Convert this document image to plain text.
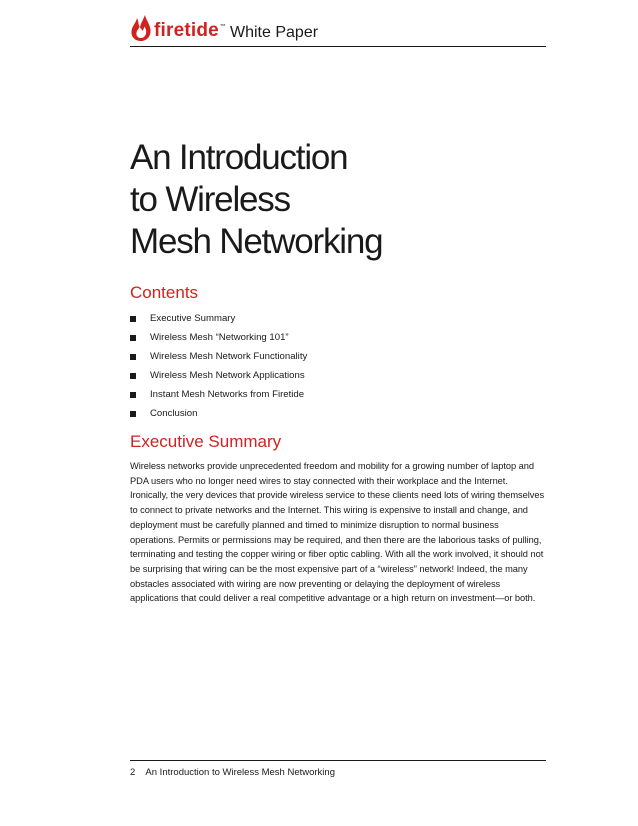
firetide™ White Paper
An Introduction
to Wireless
Mesh Networking
Contents
Executive Summary
Wireless Mesh “Networking 101”
Wireless Mesh Network Functionality
Wireless Mesh Network Applications
Instant Mesh Networks from Firetide
Conclusion
Executive Summary

Wireless networks provide unprecedented freedom and mobility for a growing number of laptop and PDA users who no longer need wires to stay connected with their workplace and the Internet. Ironically, the very devices that provide wireless service to these clients need lots of wiring themselves to connect to private networks and the Internet. This wiring is expensive to install and change, and deployment must be carefully planned and timed to minimize disruption to normal business operations. Permits or permissions may be required, and then there are the laborious tasks of pulling, terminating and testing the copper wiring or fiber optic cabling. With all the work involved, it should not be surprising that wiring can be the most expensive part of a “wireless” network! Indeed, the many obstacles associated with wiring are now preventing or delaying the deployment of wireless applications that could deliver a real competitive advantage or a high return on investment—or both.

2 An Introduction to Wireless Mesh Networking
